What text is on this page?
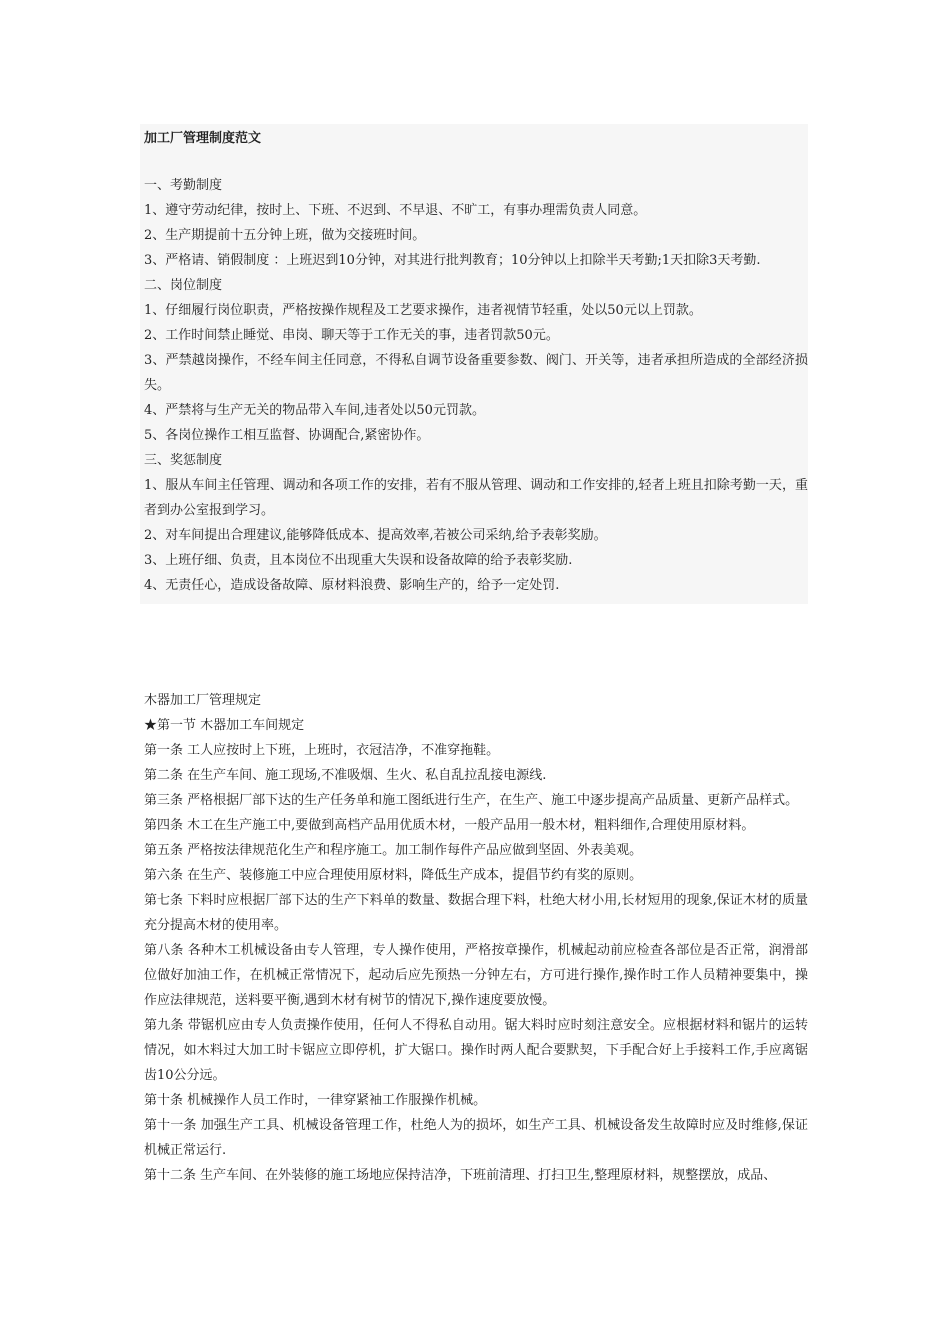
加工厂管理制度范文
一、考勤制度
1、遵守劳动纪律，按时上、下班、不迟到、不早退、不旷工，有事办理需负责人同意。
2、生产期提前十五分钟上班，做为交接班时间。
3、严格请、销假制度 ：上班迟到10分钟，对其进行批判教育；10分钟以上扣除半天考勤;1天扣除3天考勤.
二、岗位制度
1、仔细履行岗位职责，严格按操作规程及工艺要求操作，违者视情节轻重，处以50元以上罚款。
2、工作时间禁止睡觉、串岗、聊天等于工作无关的事，违者罚款50元。
3、严禁越岗操作，不经车间主任同意，不得私自调节设备重要参数、阀门、开关等，违者承担所造成的全部经济损失。
4、严禁将与生产无关的物品带入车间,违者处以50元罚款。
5、各岗位操作工相互监督、协调配合,紧密协作。
三、奖惩制度
1、服从车间主任管理、调动和各项工作的安排，若有不服从管理、调动和工作安排的,轻者上班且扣除考勤一天，重者到办公室报到学习。
2、对车间提出合理建议,能够降低成本、提高效率,若被公司采纳,给予表彰奖励。
3、上班仔细、负责，且本岗位不出现重大失误和设备故障的给予表彰奖励.
4、无责任心，造成设备故障、原材料浪费、影响生产的，给予一定处罚.
木器加工厂管理规定
★第一节 木器加工车间规定
第一条 工人应按时上下班，上班时，衣冠洁净，不准穿拖鞋。
第二条 在生产车间、施工现场,不准吸烟、生火、私自乱拉乱接电源线.
第三条 严格根据厂部下达的生产任务单和施工图纸进行生产，在生产、施工中逐步提高产品质量、更新产品样式。
第四条 木工在生产施工中,要做到高档产品用优质木材，一般产品用一般木材，粗料细作,合理使用原材料。
第五条 严格按法律规范化生产和程序施工。加工制作每件产品应做到坚固、外表美观。
第六条 在生产、装修施工中应合理使用原材料，降低生产成本，提倡节约有奖的原则。
第七条 下料时应根据厂部下达的生产下料单的数量、数据合理下料，杜绝大材小用,长材短用的现象,保证木材的质量充分提高木材的使用率。
第八条 各种木工机械设备由专人管理，专人操作使用，严格按章操作，机械起动前应检查各部位是否正常，润滑部位做好加油工作，在机械正常情况下，起动后应先预热一分钟左右，方可进行操作,操作时工作人员精神要集中，操作应法律规范，送料要平衡,遇到木材有树节的情况下,操作速度要放慢。
第九条 带锯机应由专人负责操作使用，任何人不得私自动用。锯大料时应时刻注意安全。应根据材料和锯片的运转情况，如木料过大加工时卡锯应立即停机，扩大锯口。操作时两人配合要默契，下手配合好上手接料工作,手应离锯齿10公分远。
第十条 机械操作人员工作时，一律穿紧袖工作服操作机械。
第十一条 加强生产工具、机械设备管理工作，杜绝人为的损坏，如生产工具、机械设备发生故障时应及时维修,保证机械正常运行.
第十二条 生产车间、在外装修的施工场地应保持洁净，下班前清理、打扫卫生,整理原材料，规整摆放，成品、
